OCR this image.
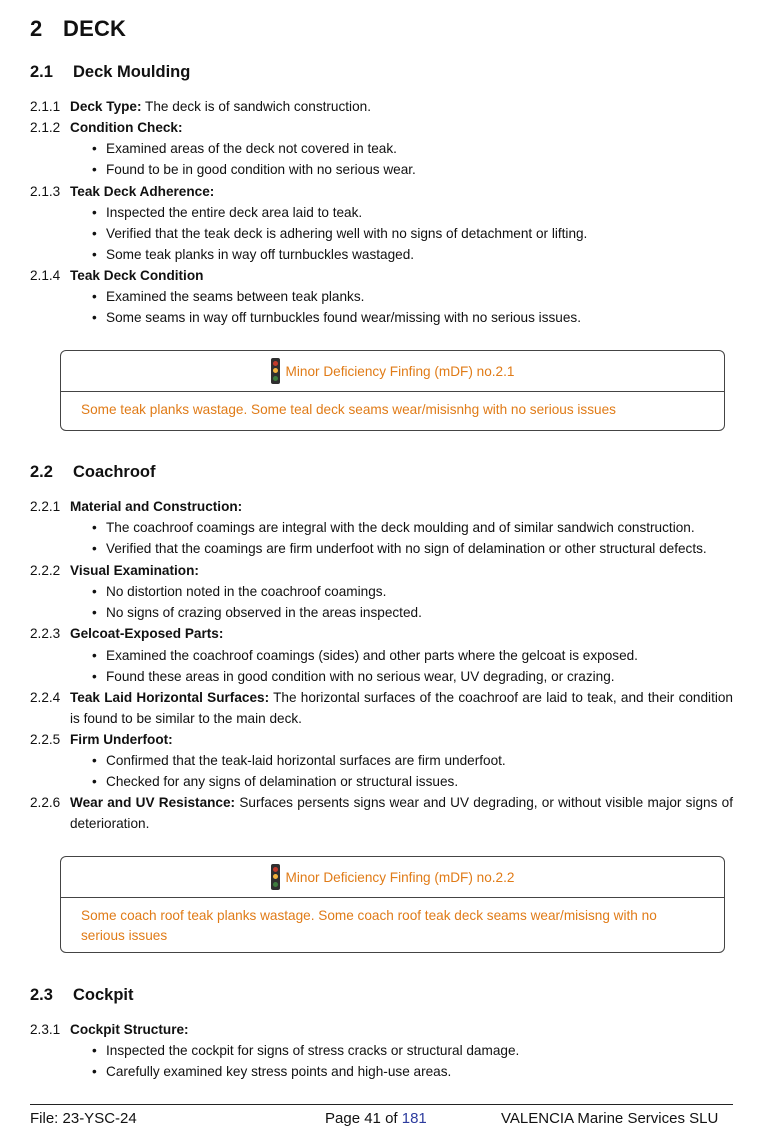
2 DECK
2.1 Deck Moulding
2.1.1 Deck Type: The deck is of sandwich construction.
2.1.2 Condition Check:
• Examined areas of the deck not covered in teak.
• Found to be in good condition with no serious wear.
2.1.3 Teak Deck Adherence:
• Inspected the entire deck area laid to teak.
• Verified that the teak deck is adhering well with no signs of detachment or lifting.
• Some teak planks in way off turnbuckles wastaged.
2.1.4 Teak Deck Condition
• Examined the seams between teak planks.
• Some seams in way off turnbuckles found wear/missing with no serious issues.
Minor Deficiency Finfing (mDF) no.2.1
Some teak planks wastage. Some teal deck seams wear/misisnhg with no serious issues
2.2 Coachroof
2.2.1 Material and Construction:
• The coachroof coamings are integral with the deck moulding and of similar sandwich construction.
• Verified that the coamings are firm underfoot with no sign of delamination or other structural defects.
2.2.2 Visual Examination:
• No distortion noted in the coachroof coamings.
• No signs of crazing observed in the areas inspected.
2.2.3 Gelcoat-Exposed Parts:
• Examined the coachroof coamings (sides) and other parts where the gelcoat is exposed.
• Found these areas in good condition with no serious wear, UV degrading, or crazing.
2.2.4 Teak Laid Horizontal Surfaces: The horizontal surfaces of the coachroof are laid to teak, and their condition is found to be similar to the main deck.
2.2.5 Firm Underfoot:
• Confirmed that the teak-laid horizontal surfaces are firm underfoot.
• Checked for any signs of delamination or structural issues.
2.2.6 Wear and UV Resistance: Surfaces persents signs wear and UV degrading, or without visible major signs of deterioration.
Minor Deficiency Finfing (mDF) no.2.2
Some coach roof teak planks wastage. Some coach roof teak deck seams wear/misisng with no serious issues
2.3 Cockpit
2.3.1 Cockpit Structure:
• Inspected the cockpit for signs of stress cracks or structural damage.
• Carefully examined key stress points and high-use areas.
File: 23-YSC-24	Page 41 of 181	VALENCIA Marine Services SLU
